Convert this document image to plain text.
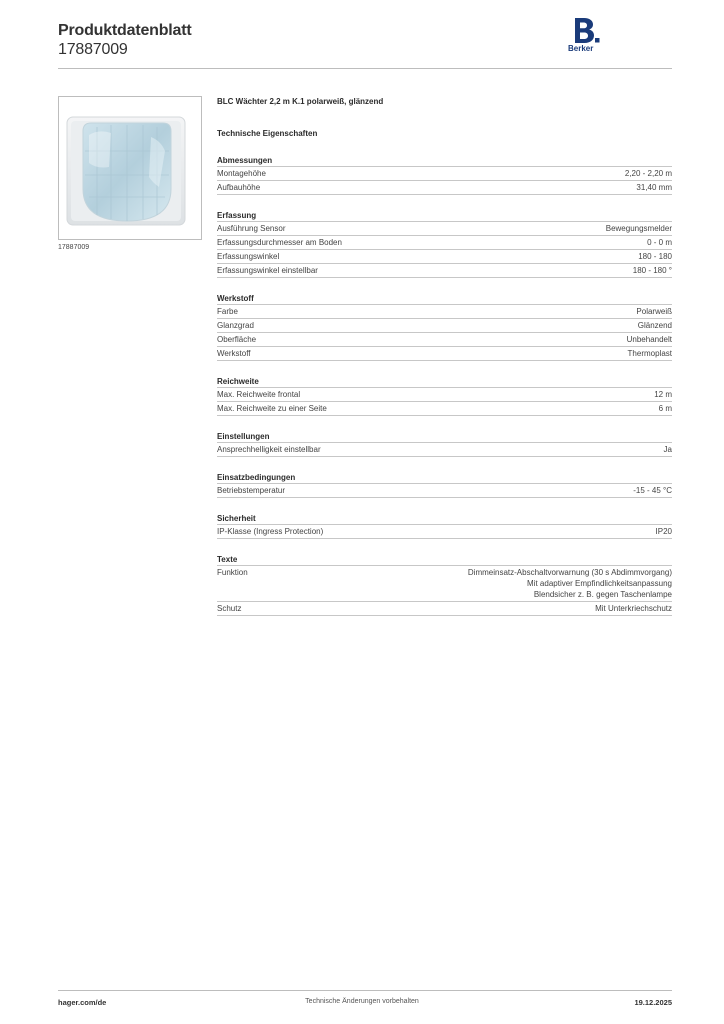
Produktdatenblatt
17887009	Berker
17887009
BLC Wächter 2,2 m K.1 polarweiß, glänzend
Technische Eigenschaften
Abmessungen
Montagehöhe	2,20 - 2,20 m
Aufbauhöhe	31,40 mm
Erfassung
Ausführung Sensor	Bewegungsmelder
Erfassungsdurchmesser am Boden	0 - 0 m
Erfassungswinkel	180 - 180
Erfassungswinkel einstellbar	180 - 180 °
Werkstoff
Farbe	Polarweiß
Glanzgrad	Glänzend
Oberfläche	Unbehandelt
Werkstoff	Thermoplast
Reichweite
Max. Reichweite frontal	12 m
Max. Reichweite zu einer Seite	6 m
Einstellungen
Ansprechhelligkeit einstellbar	Ja
Einsatzbedingungen
Betriebstemperatur	-15 - 45 °C
Sicherheit
IP-Klasse (Ingress Protection)	IP20
Texte
Funktion	Dimmeinsatz-Abschaltvorwarnung (30 s Abdimmvorgang)
Mit adaptiver Empfindlichkeitsanpassung
Blendsicher z. B. gegen Taschenlampe
Schutz	Mit Unterkriechschutz
hager.com/de	Technische Änderungen vorbehalten	19.12.2025
